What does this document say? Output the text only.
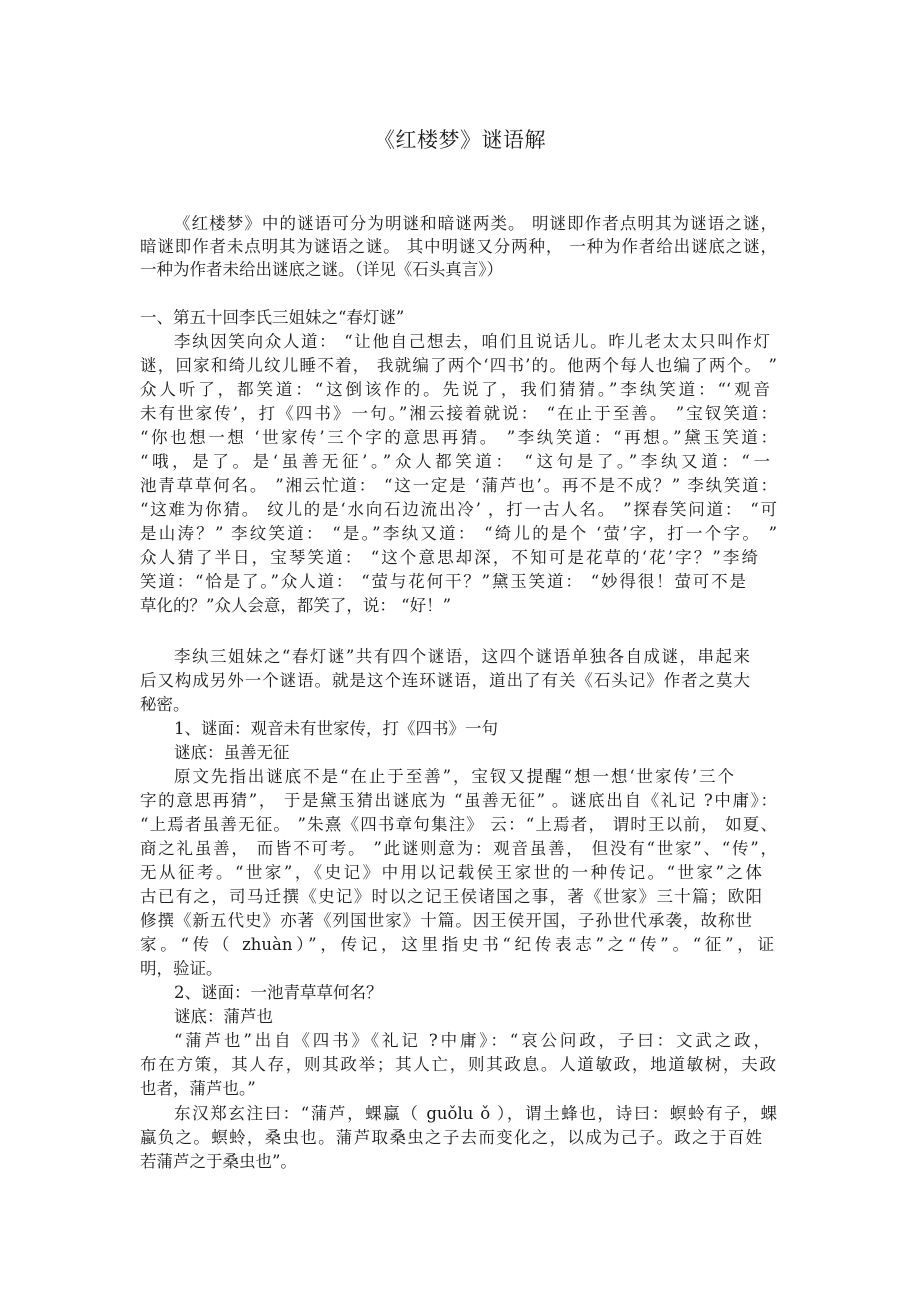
《红楼梦》谜语解
《红楼梦》中的谜语可分为明谜和暗谜两类。 明谜即作者点明其为谜语之谜，
暗谜即作者未点明其为谜语之谜。 其中明谜又分两种， 一种为作者给出谜底之谜，
一种为作者未给出谜底之谜。（详见《石头真言》）
一、第五十回李氏三姐妹之“春灯谜”
李纨因笑向众人道： “让他自己想去，咱们且说话儿。昨儿老太太只叫作灯
谜，回家和绮儿纹儿睡不着， 我就编了两个‘四书’的。他两个每人也编了两个。 ”
众人听了，都笑道：“这倒该作的。先说了，我们猜猜。”李纨笑道：“‘观音
未有世家传’，打《四书》一句。”湘云接着就说： “在止于至善。 ”宝钗笑道：
“你也想一想 ‘世家传’三个字的意思再猜。 ”李纨笑道：“再想。”黛玉笑道：
“哦，是了。是‘虽善无征’。”众人都笑道： “这句是了。”李纨又道：“一
池青草草何名。 ”湘云忙道： “这一定是 ‘蒲芦也’。再不是不成？” 李纨笑道：
“这难为你猜。 纹儿的是‘水向石边流出冷’ ，打一古人名。 ”探春笑问道： “可
是山涛？” 李纹笑道： “是。”李纨又道： “绮儿的是个 ‘萤’字，打一个字。 ”
众人猜了半日，宝琴笑道： “这个意思却深，不知可是花草的‘花’字？”李绮
笑道：“恰是了。”众人道： “萤与花何干？”黛玉笑道： “妙得很！萤可不是
草化的？”众人会意，都笑了，说： “好！”
李纨三姐妹之“春灯谜”共有四个谜语，这四个谜语单独各自成谜，串起来
后又构成另外一个谜语。就是这个连环谜语，道出了有关《石头记》作者之莫大
秘密。
1、谜面：观音未有世家传，打《四书》一句
谜底：虽善无征
原文先指出谜底不是“在止于至善”，宝钗又提醒“想一想‘世家传’三个
字的意思再猜”， 于是黛玉猜出谜底为 “虽善无征” 。谜底出自《礼记 ?中庸》：
“上焉者虽善无征。 ”朱熹《四书章句集注》 云：“上焉者， 谓时王以前， 如夏、
商之礼虽善， 而皆不可考。 ”此谜则意为：观音虽善， 但没有“世家”、“传”，
无从征考。“世家”，《史记》中用以记载侯王家世的一种传记。“世家”之体
古已有之，司马迁撰《史记》时以之记王侯诸国之事，著《世家》三十篇；欧阳
修撰《新五代史》亦著《列国世家》十篇。因王侯开国，子孙世代承袭，故称世
家。“传（ zhuàn）”，传记，这里指史书“纪传表志”之“传”。“征”，证
明，验证。
2、谜面：一池青草草何名？
谜底：蒲芦也
“蒲芦也”出自《四书》《礼记 ?中庸》：“哀公问政，子曰：文武之政，
布在方策，其人存，则其政举；其人亡，则其政息。人道敏政，地道敏树，夫政
也者，蒲芦也。”
东汉郑玄注曰：“蒲芦，蜾蠃（ guǒlu ǒ ），谓土蜂也，诗曰：螟蛉有子，蜾
蠃负之。螟蛉，桑虫也。蒲芦取桑虫之子去而变化之，以成为己子。政之于百姓
若蒲芦之于桑虫也”。
